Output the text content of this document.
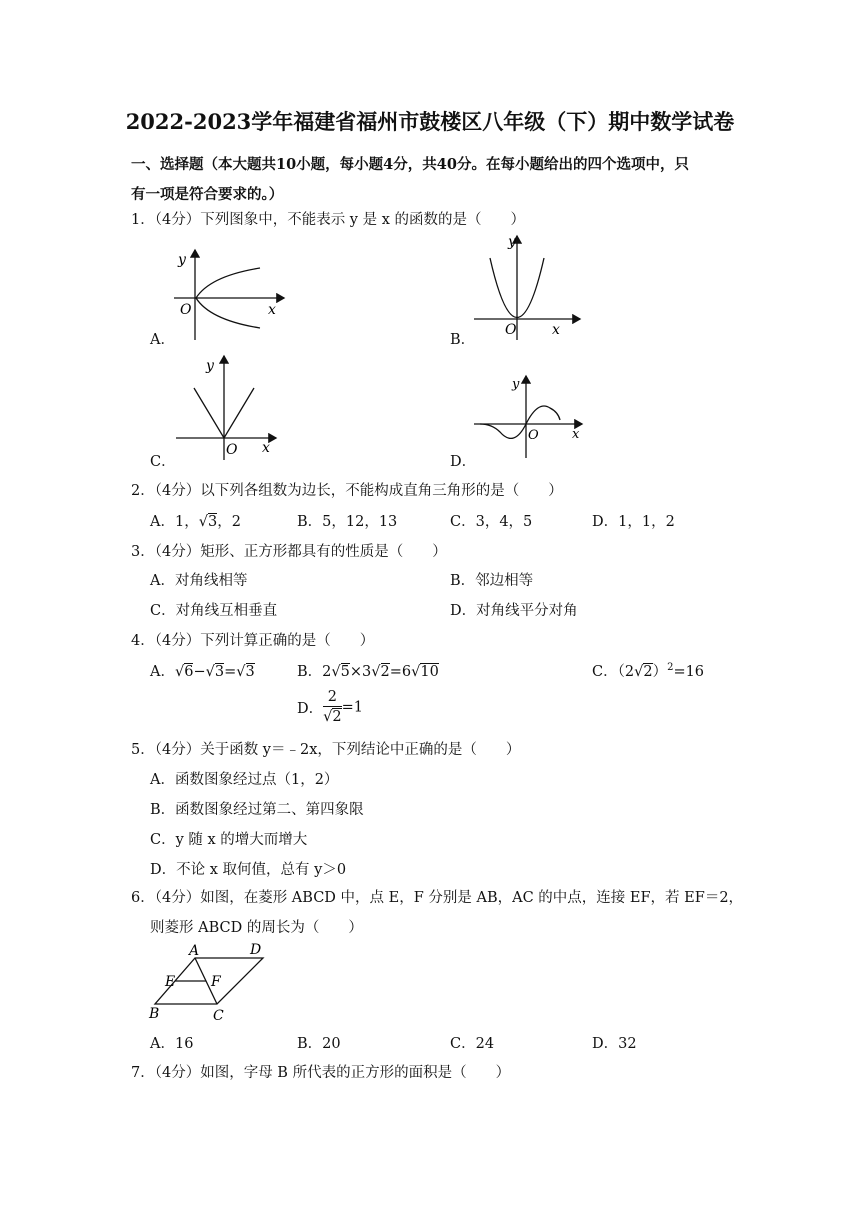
2022-2023学年福建省福州市鼓楼区八年级（下）期中数学试卷
一、选择题（本大题共10小题，每小题4分，共40分。在每小题给出的四个选项中，只
有一项是符合要求的。）
1．（4分）下列图象中，不能表示 y 是 x 的函数的是（　　）
y
x
O
A．
y
x
O
B．
y
x
O
C．
y
x
O
D．
2．（4分）以下列各组数为边长，不能构成直角三角形的是（　　）
A．1，√3，2	B．5，12，13	C．3，4，5	D．1，1，2
3．（4分）矩形、正方形都具有的性质是（　　）
A．对角线相等	B．邻边相等
C．对角线互相垂直	D．对角线平分对角
4．（4分）下列计算正确的是（　　）
A．√6−√3=√3	B．2√5×3√2=6√10	C．$(2√2)^2=16$
D． $\frac{2}{√2} =1$
5．（4分）关于函数 y＝﹣2x，下列结论中正确的是（　　）
A．函数图象经过点（1，2）
B．函数图象经过第二、第四象限
C．y 随 x 的增大而增大
D．不论 x 取何值，总有 y＞0
6．（4分）如图，在菱形 ABCD 中，点 E，F 分别是 AB，AC 的中点，连接 EF，若 EF＝2，
则菱形 ABCD 的周长为（　　）
A	D
E	F
B	C
A．16	B．20	C．24	D．32
7．（4分）如图，字母 B 所代表的正方形的面积是（　　）
